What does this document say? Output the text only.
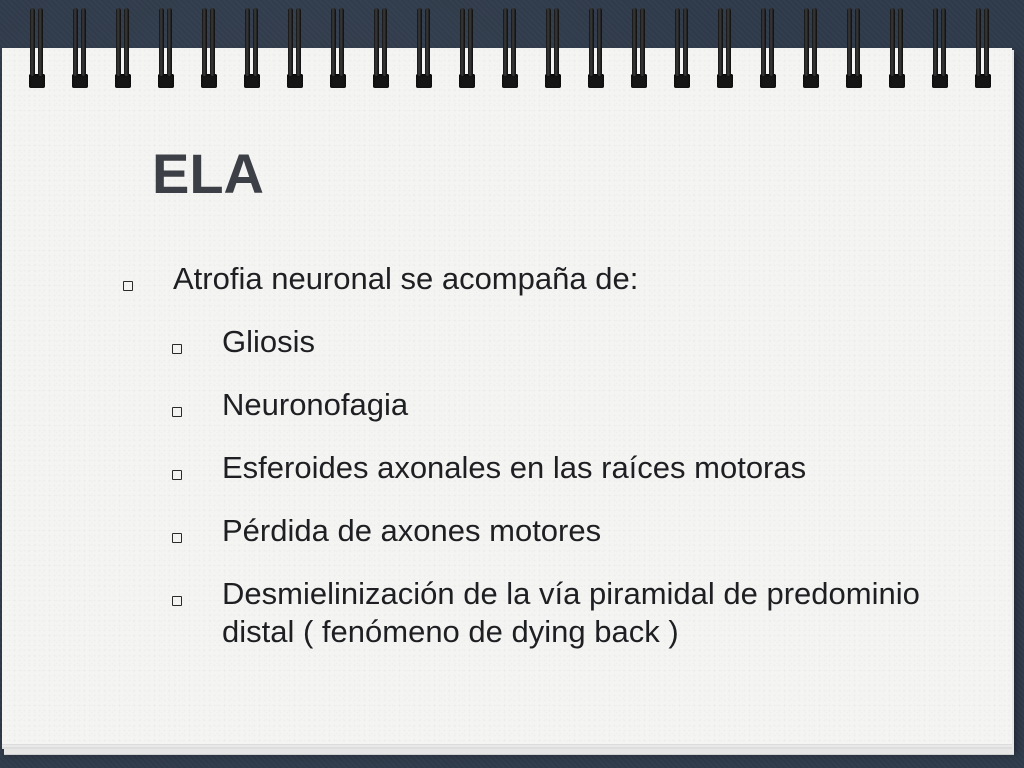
ELA
Atrofia neuronal se acompaña de:
Gliosis
Neuronofagia
Esferoides axonales en las raíces motoras
Pérdida de axones motores
Desmielinización de la vía piramidal de predominio distal ( fenómeno de dying back )
